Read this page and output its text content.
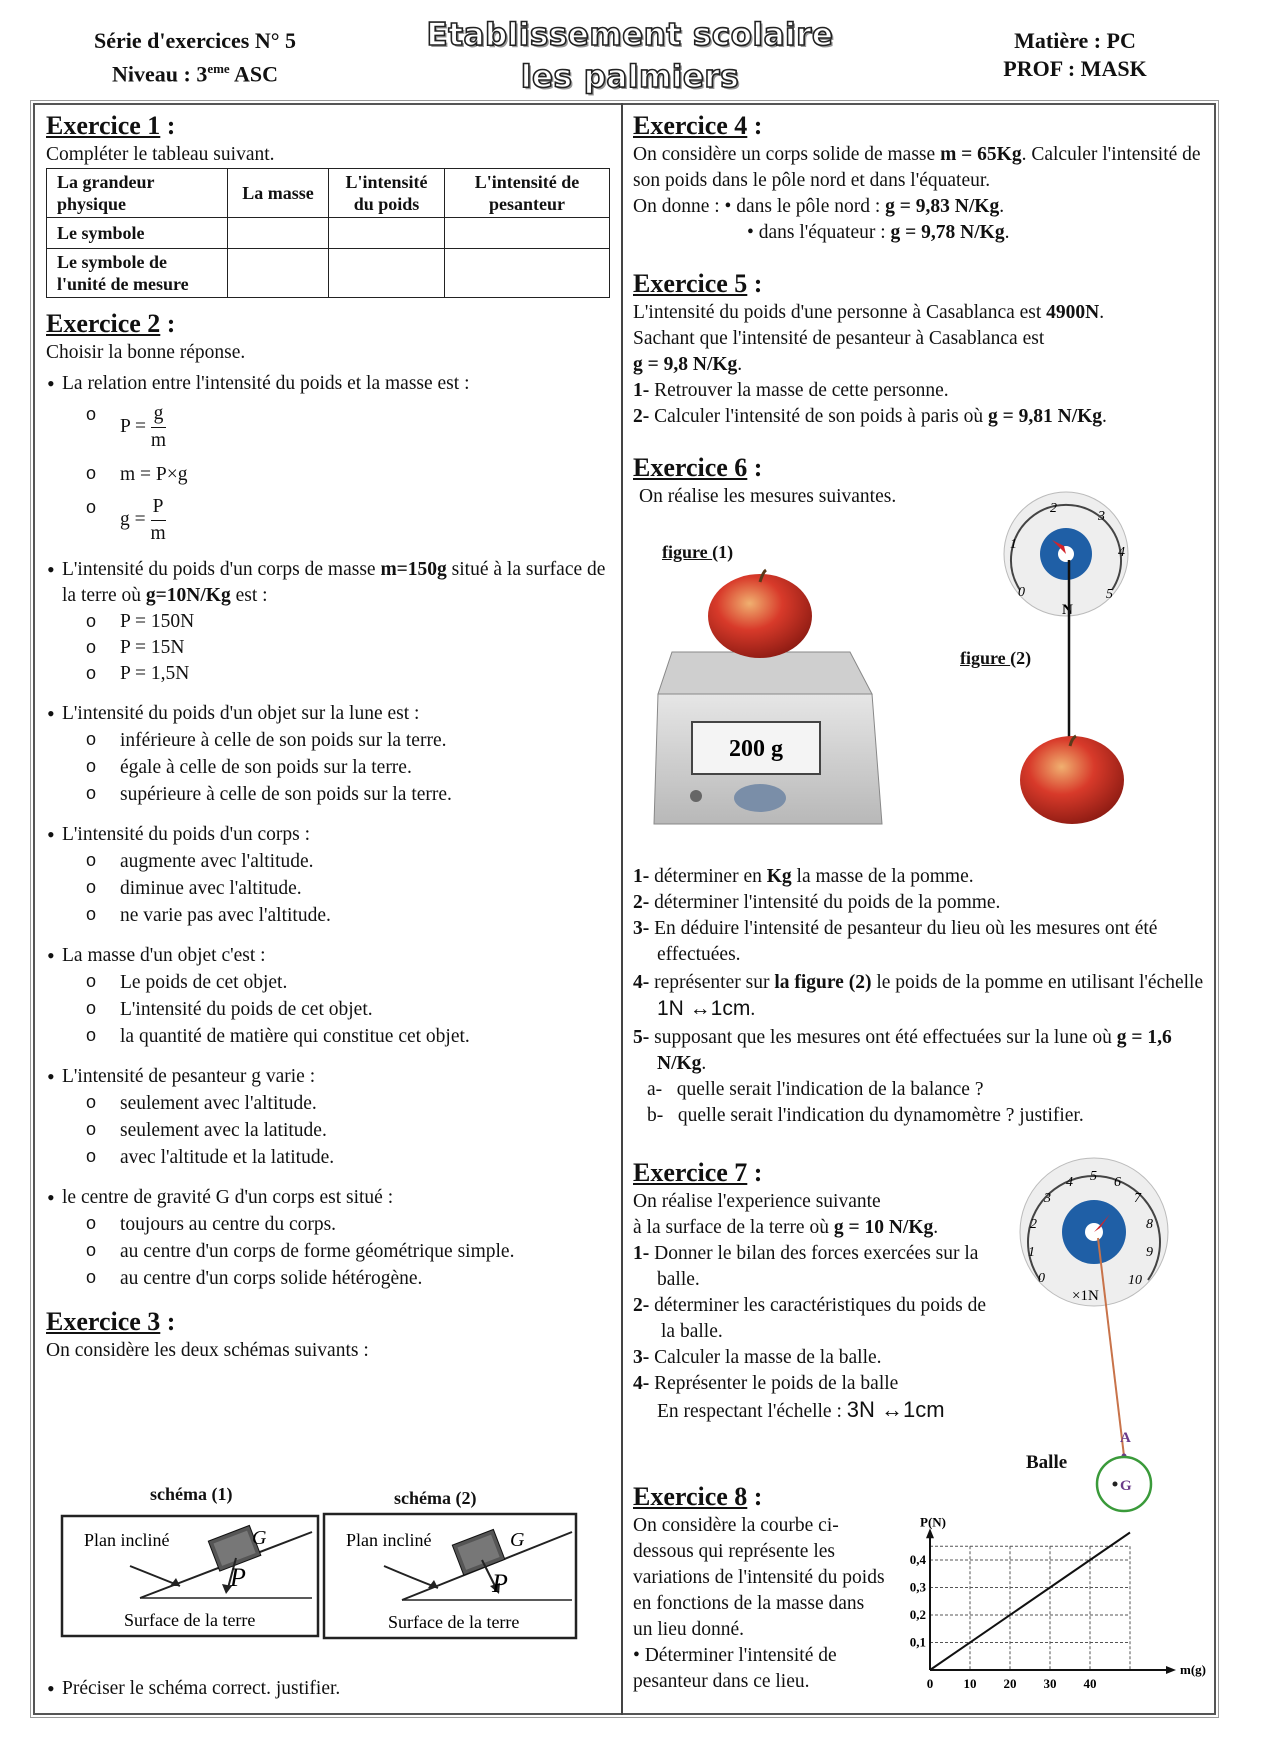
Série d'exercices N° 5
Niveau : 3eme ASC
Etablissement scolaire
les palmiers
Matière : PC
PROF : MASK
Exercice 1 :

Compléter le tableau suivant.

La grandeur physique	La masse	L'intensité du poids	L'intensité de pesanteur
Le symbole			
Le symbole de l'unité de mesure			
Exercice 2 :

Choisir la bonne réponse.

• La relation entre l'intensité du poids et la masse est :

o $P = \frac{g}{m}$
o m = P×g
o $g = \frac{P}{m}$

• L'intensité du poids d'un corps de masse m=150g situé à la surface de la terre où g=10N/Kg est :

o P = 150N
o P = 15N
o P = 1,5N

• L'intensité du poids d'un objet sur la lune est :

o inférieure à celle de son poids sur la terre.
o égale à celle de son poids sur la terre.
o supérieure à celle de son poids sur la terre.

• L'intensité du poids d'un corps :

o augmente avec l'altitude.
o diminue avec l'altitude.
o ne varie pas avec l'altitude.

• La masse d'un objet c'est :

o Le poids de cet objet.
o L'intensité du poids de cet objet.
o la quantité de matière qui constitue cet objet.

• L'intensité de pesanteur g varie :

o seulement avec l'altitude.
o seulement avec la latitude.
o avec l'altitude et la latitude.

• le centre de gravité G d'un corps est situé :

o toujours au centre du corps.
o au centre d'un corps de forme géométrique simple.
o au centre d'un corps solide hétérogène.
Exercice 3 :

On considère les deux schémas suivants :

schéma (1)	schéma (2)
G
P
Plan incliné
Surface de la terre
G
P
Plan incliné
Surface de la terre

• Préciser le schéma correct. justifier.

Exercice 4 :

On considère un corps solide de masse m = 65Kg. Calculer l'intensité de son poids dans le pôle nord et dans l'équateur.

On donne : • dans le pôle nord : g = 9,83 N/Kg.

• dans l'équateur : g = 9,78 N/Kg.

Exercice 5 :

L'intensité du poids d'une personne à Casablanca est 4900N.

Sachant que l'intensité de pesanteur à Casablanca est

g = 9,8 N/Kg.

1- Retrouver la masse de cette personne.

2- Calculer l'intensité de son poids à paris où g = 9,81 N/Kg.

Exercice 6 :

On réalise les mesures suivantes.

figure (1)
figure (2)
200 g
0
1
2
3
4
5
N

1- déterminer en Kg la masse de la pomme.

2- déterminer l'intensité du poids de la pomme.

3- En déduire l'intensité de pesanteur du lieu où les mesures ont été effectuées.

4- représenter sur la figure (2) le poids de la pomme en utilisant l'échelle 1N ↔1cm.

5- supposant que les mesures ont été effectuées sur la lune où g = 1,6 N/Kg.

a- quelle serait l'indication de la balance ?

b- quelle serait l'indication du dynamomètre ? justifier.

Exercice 7 :

On réalise l'experience suivante

à la surface de la terre où g = 10 N/Kg.

1- Donner le bilan des forces exercées sur la balle.

2- déterminer les caractéristiques du poids de la balle.

3- Calculer la masse de la balle.

4- Représenter le poids de la balle

En respectant l'échelle : 3N ↔1cm

0
1
2
3
4 5 6
7
8
9
10
×1N
A
G
Balle
Exercice 8 :

On considère la courbe ci-dessous qui représente les variations de l'intensité du poids en fonctions de la masse dans un lieu donné.

• Déterminer l'intensité de pesanteur dans ce lieu.	0 10 20 30 40
0,1
0,2
0,3
0,4
P(N)
m(g)
